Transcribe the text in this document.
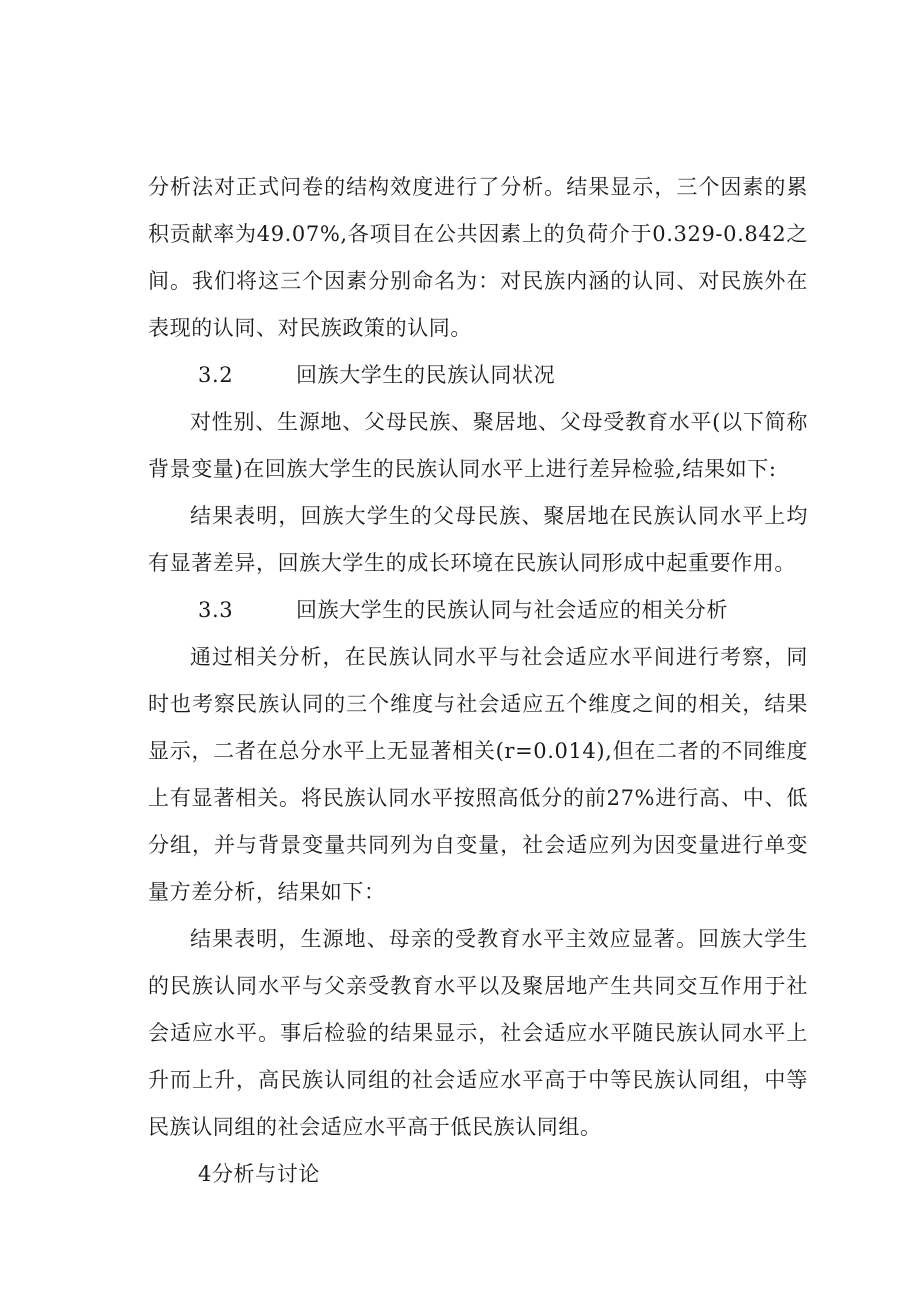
分析法对正式问卷的结构效度进行了分析。结果显示，三个因素的累积贡献率为49.07%,各项目在公共因素上的负荷介于0.329-0.842之间。我们将这三个因素分别命名为：对民族内涵的认同、对民族外在表现的认同、对民族政策的认同。

3.2	回族大学生的民族认同状况

对性别、生源地、父母民族、聚居地、父母受教育水平(以下简称背景变量)在回族大学生的民族认同水平上进行差异检验,结果如下:

结果表明，回族大学生的父母民族、聚居地在民族认同水平上均有显著差异，回族大学生的成长环境在民族认同形成中起重要作用。

3.3	回族大学生的民族认同与社会适应的相关分析

通过相关分析，在民族认同水平与社会适应水平间进行考察，同时也考察民族认同的三个维度与社会适应五个维度之间的相关，结果显示，二者在总分水平上无显著相关(r=0.014),但在二者的不同维度上有显著相关。将民族认同水平按照高低分的前27%进行高、中、低分组，并与背景变量共同列为自变量，社会适应列为因变量进行单变量方差分析，结果如下：

结果表明，生源地、母亲的受教育水平主效应显著。回族大学生的民族认同水平与父亲受教育水平以及聚居地产生共同交互作用于社会适应水平。事后检验的结果显示，社会适应水平随民族认同水平上升而上升，高民族认同组的社会适应水平高于中等民族认同组，中等民族认同组的社会适应水平高于低民族认同组。

4分析与讨论
